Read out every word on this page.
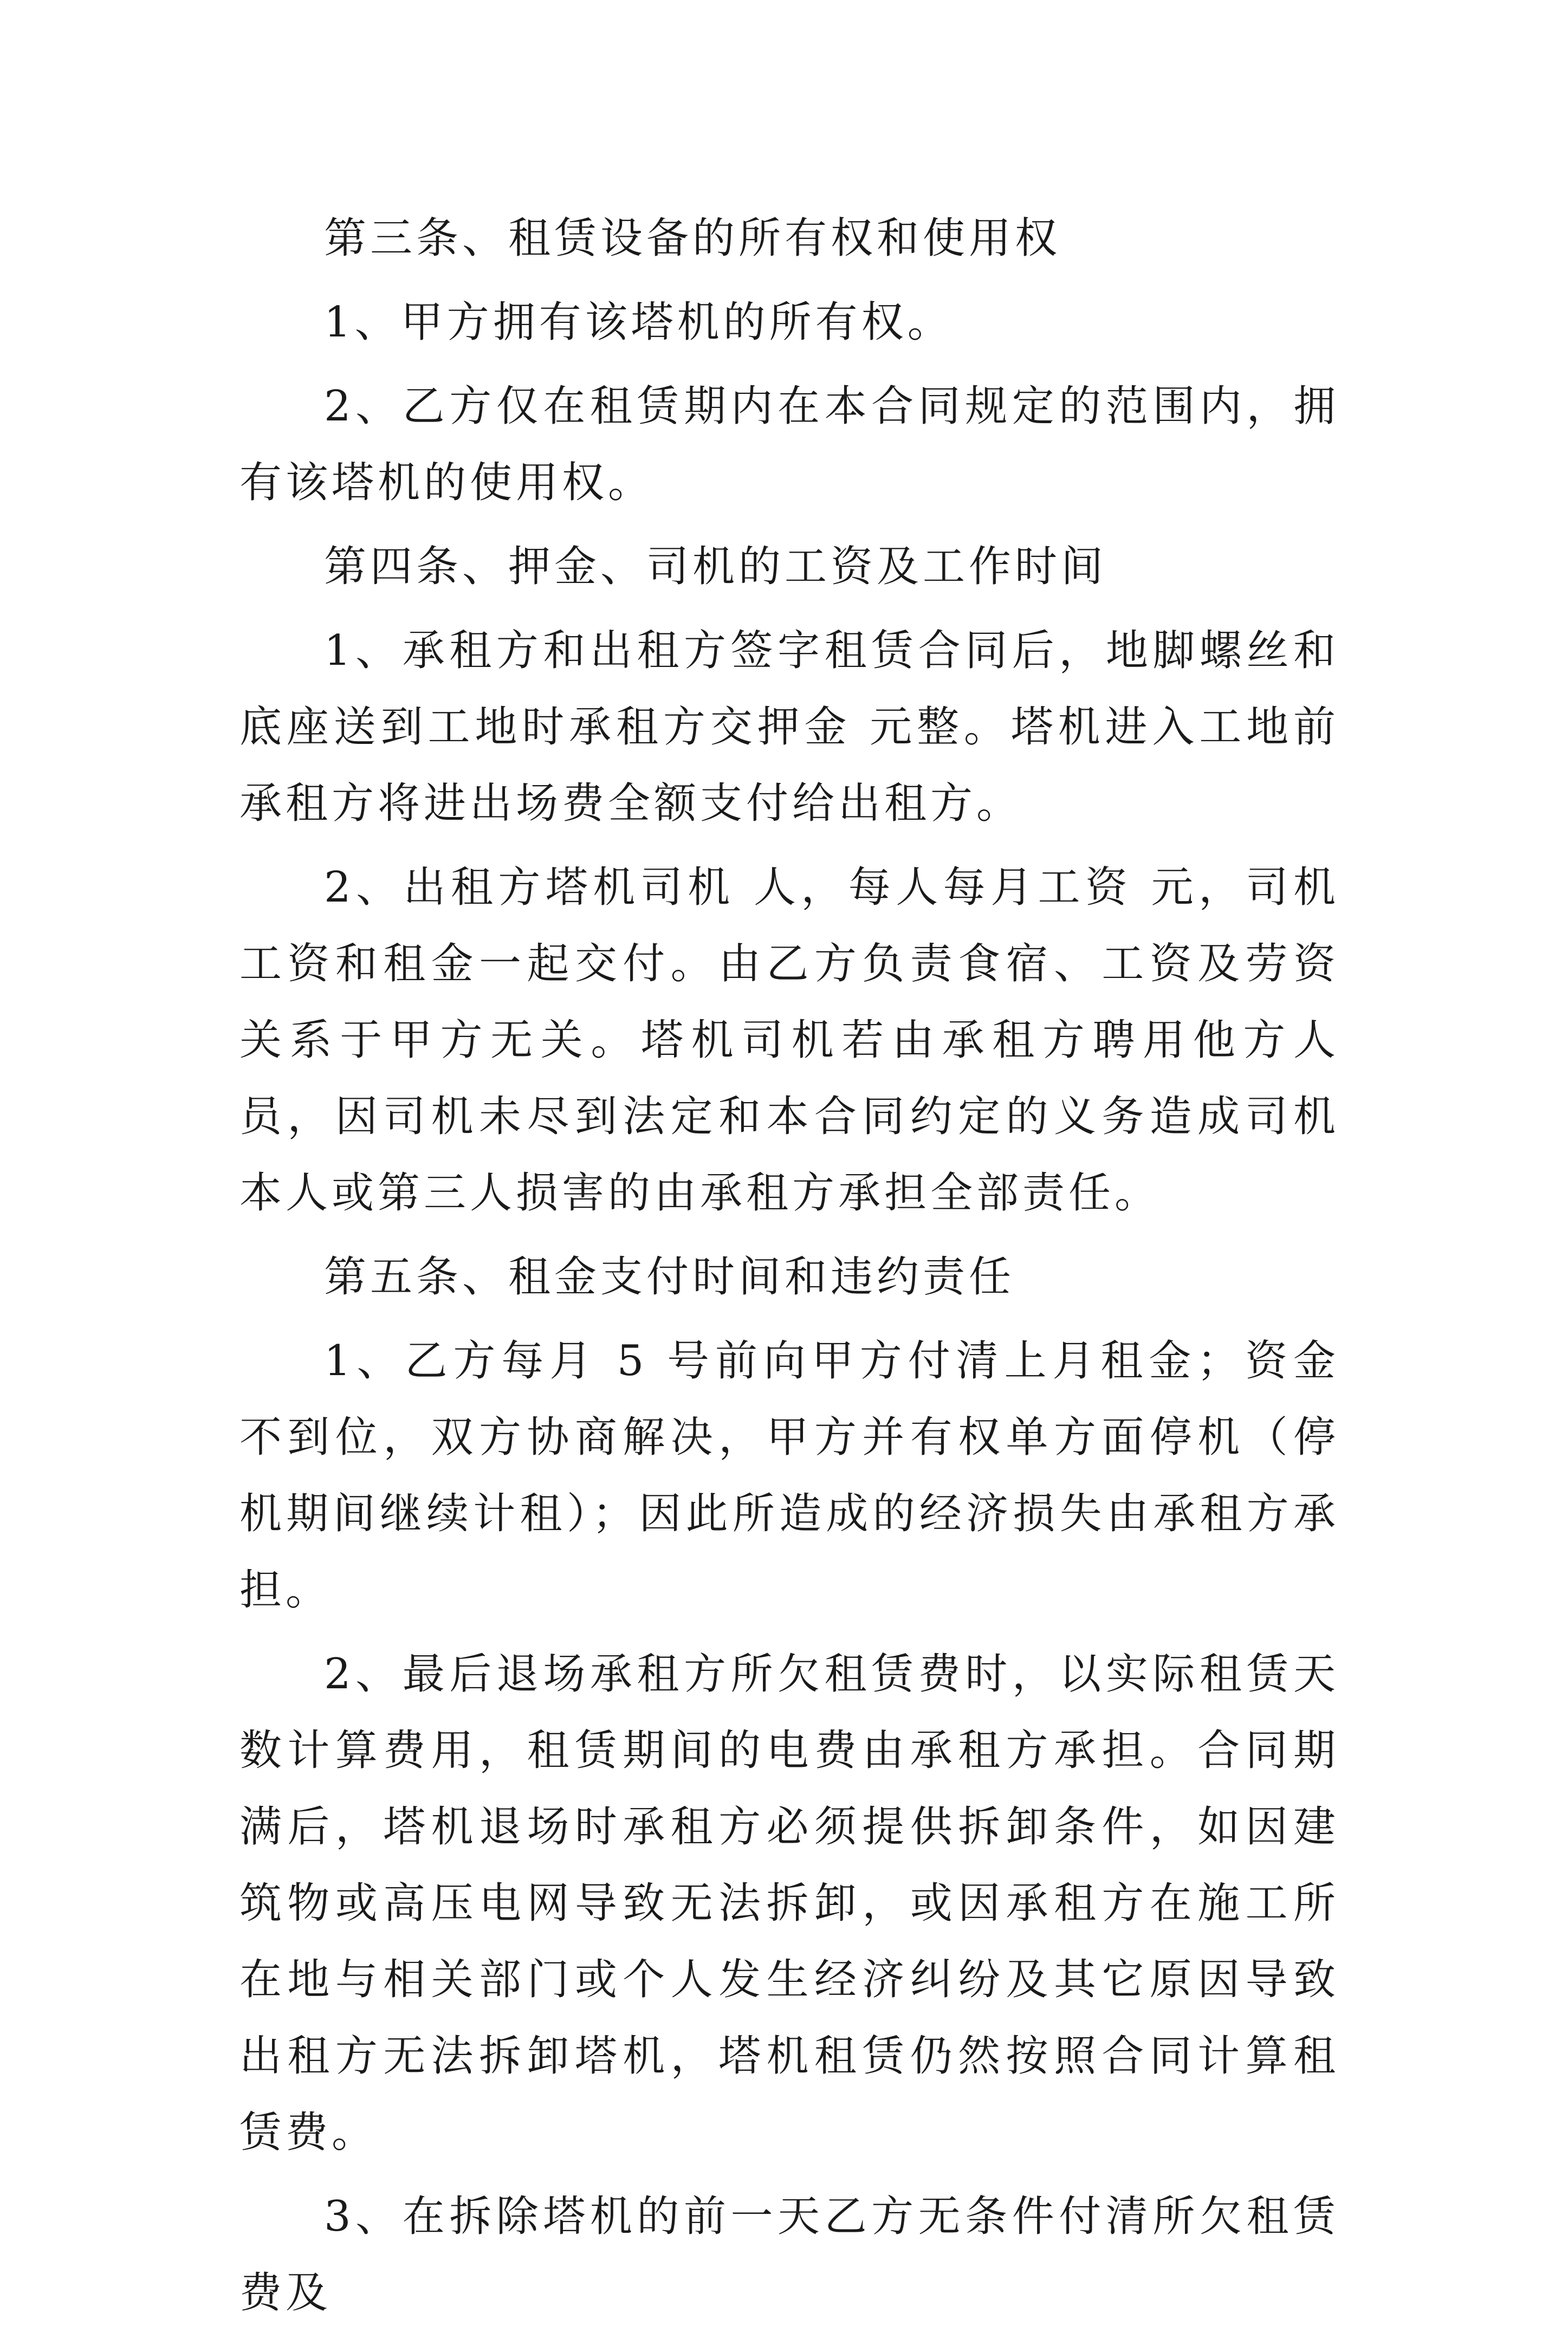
第三条、租赁设备的所有权和使用权

1、甲方拥有该塔机的所有权。

2、乙方仅在租赁期内在本合同规定的范围内，拥有该塔机的使用权。

第四条、押金、司机的工资及工作时间

1、承租方和出租方签字租赁合同后，地脚螺丝和底座送到工地时承租方交押金 元整。塔机进入工地前承租方将进出场费全额支付给出租方。

2、出租方塔机司机 人，每人每月工资 元，司机工资和租金一起交付。由乙方负责食宿、工资及劳资关系于甲方无关。塔机司机若由承租方聘用他方人员，因司机未尽到法定和本合同约定的义务造成司机本人或第三人损害的由承租方承担全部责任。

第五条、租金支付时间和违约责任

1、乙方每月 5 号前向甲方付清上月租金；资金不到位，双方协商解决，甲方并有权单方面停机（停机期间继续计租）；因此所造成的经济损失由承租方承担。

2、最后退场承租方所欠租赁费时，以实际租赁天数计算费用，租赁期间的电费由承租方承担。合同期满后，塔机退场时承租方必须提供拆卸条件，如因建筑物或高压电网导致无法拆卸，或因承租方在施工所在地与相关部门或个人发生经济纠纷及其它原因导致出租方无法拆卸塔机，塔机租赁仍然按照合同计算租赁费。

3、在拆除塔机的前一天乙方无条件付清所欠租赁费及
